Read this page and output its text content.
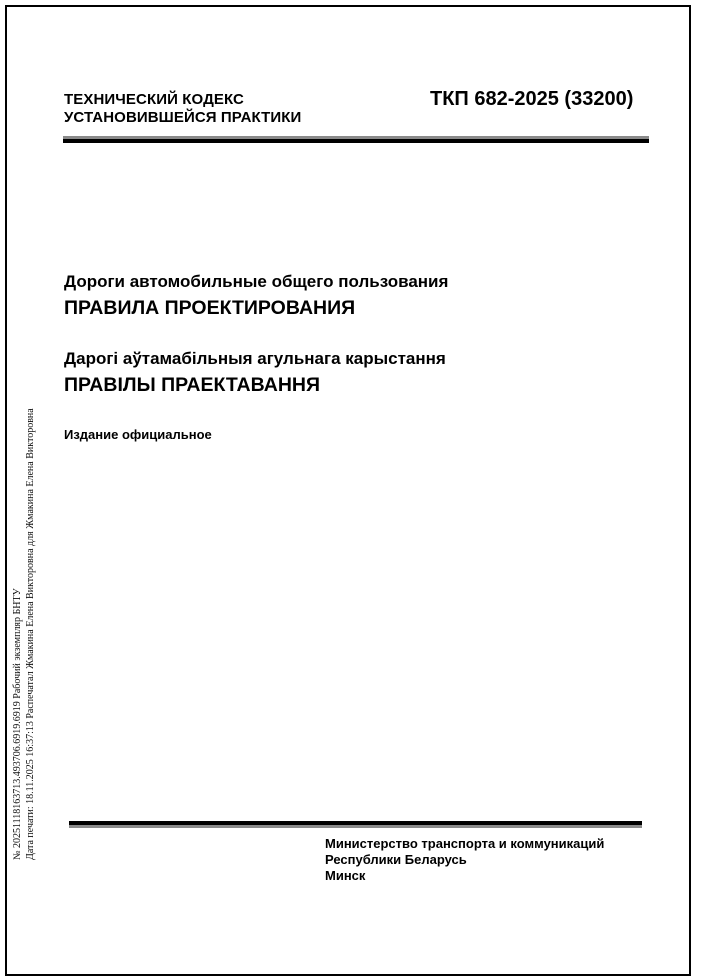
ТЕХНИЧЕСКИЙ КОДЕКС
УСТАНОВИВШЕЙСЯ ПРАКТИКИ
ТКП 682-2025 (33200)
Дороги автомобильные общего пользования
ПРАВИЛА ПРОЕКТИРОВАНИЯ
Дарогі аўтамабільныя агульнага карыстання
ПРАВІЛЫ ПРАЕКТАВАННЯ
Издание официальное
№ 20251118163713.493706.6919.6919 Рабочий экземпляр БНТУ Дата печати: 18.11.2025 16:37:13 Распечатал Жмакина Елена Викторовна для Жмакина Елена Викторовна	Министерство транспорта и коммуникаций
Республики Беларусь
Минск
